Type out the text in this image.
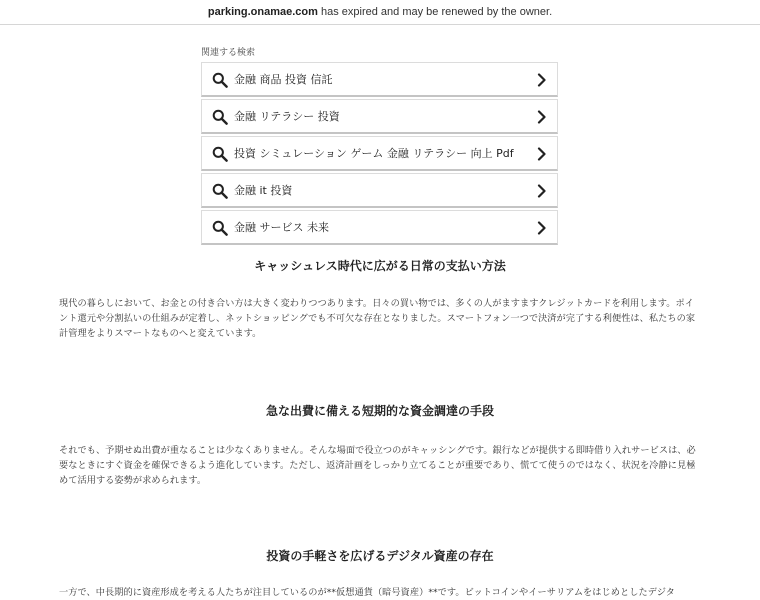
parking.onamae.com has expired and may be renewed by the owner.
関連する検索
金融 商品 投資 信託
金融 リテラシー 投資
投資 シミュレーション ゲーム 金融 リテラシー 向上 Pdf
金融 it 投資
金融 サービス 未来
キャッシュレス時代に広がる日常の支払い方法
現代の暮らしにおいて、お金との付き合い方は大きく変わりつつあります。日々の買い物では、多くの人がますますクレジットカードを利用します。ポイント還元や分割払いの仕組みが定着し、ネットショッピングでも不可欠な存在となりました。スマートフォン一つで決済が完了する利便性は、私たちの家計管理をよりスマートなものへと変えています。
急な出費に備える短期的な資金調達の手段
それでも、予期せぬ出費が重なることは少なくありません。そんな場面で役立つのがキャッシングです。銀行などが提供する即時借り入れサービスは、必要なときにすぐ資金を確保できるよう進化しています。ただし、返済計画をしっかり立てることが重要であり、慌てて使うのではなく、状況を冷静に見極めて活用する姿勢が求められます。
投資の手軽さを広げるデジタル資産の存在
一方で、中長期的に資産形成を考える人たちが注目しているのが**仮想通貨（暗号資産）**です。ビットコインやイーサリアムをはじめとしたデジタ
